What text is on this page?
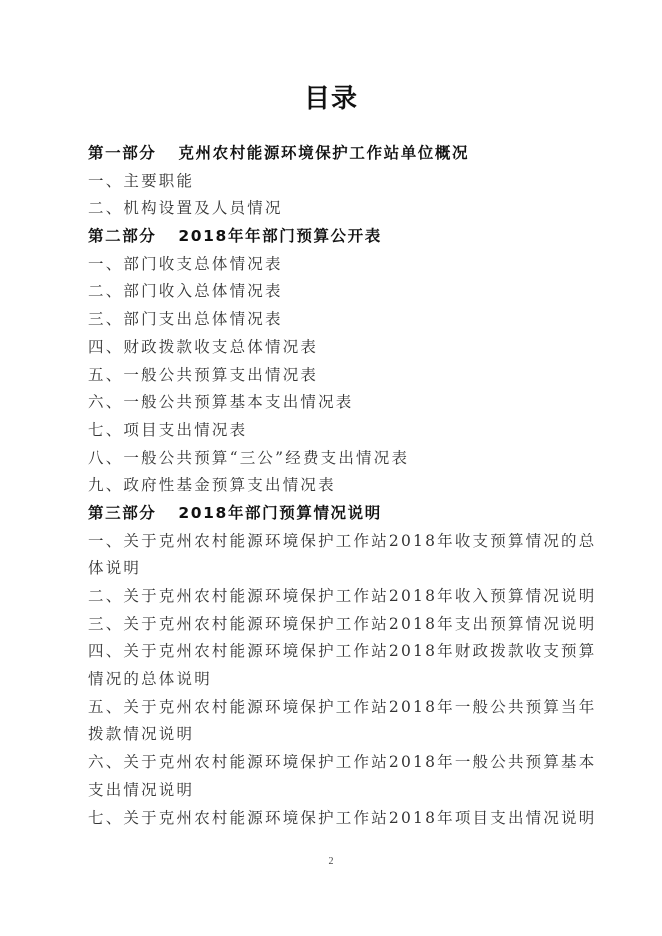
目录
第一部分 克州农村能源环境保护工作站单位概况
一、主要职能
二、机构设置及人员情况
第二部分 2018年年部门预算公开表
一、部门收支总体情况表
二、部门收入总体情况表
三、部门支出总体情况表
四、财政拨款收支总体情况表
五、一般公共预算支出情况表
六、一般公共预算基本支出情况表
七、项目支出情况表
八、一般公共预算“三公”经费支出情况表
九、政府性基金预算支出情况表
第三部分 2018年部门预算情况说明
一、关于克州农村能源环境保护工作站2018年收支预算情况的总
体说明
二、关于克州农村能源环境保护工作站2018年收入预算情况说明
三、关于克州农村能源环境保护工作站2018年支出预算情况说明
四、关于克州农村能源环境保护工作站2018年财政拨款收支预算
情况的总体说明
五、关于克州农村能源环境保护工作站2018年一般公共预算当年
拨款情况说明
六、关于克州农村能源环境保护工作站2018年一般公共预算基本
支出情况说明
七、关于克州农村能源环境保护工作站2018年项目支出情况说明
2
